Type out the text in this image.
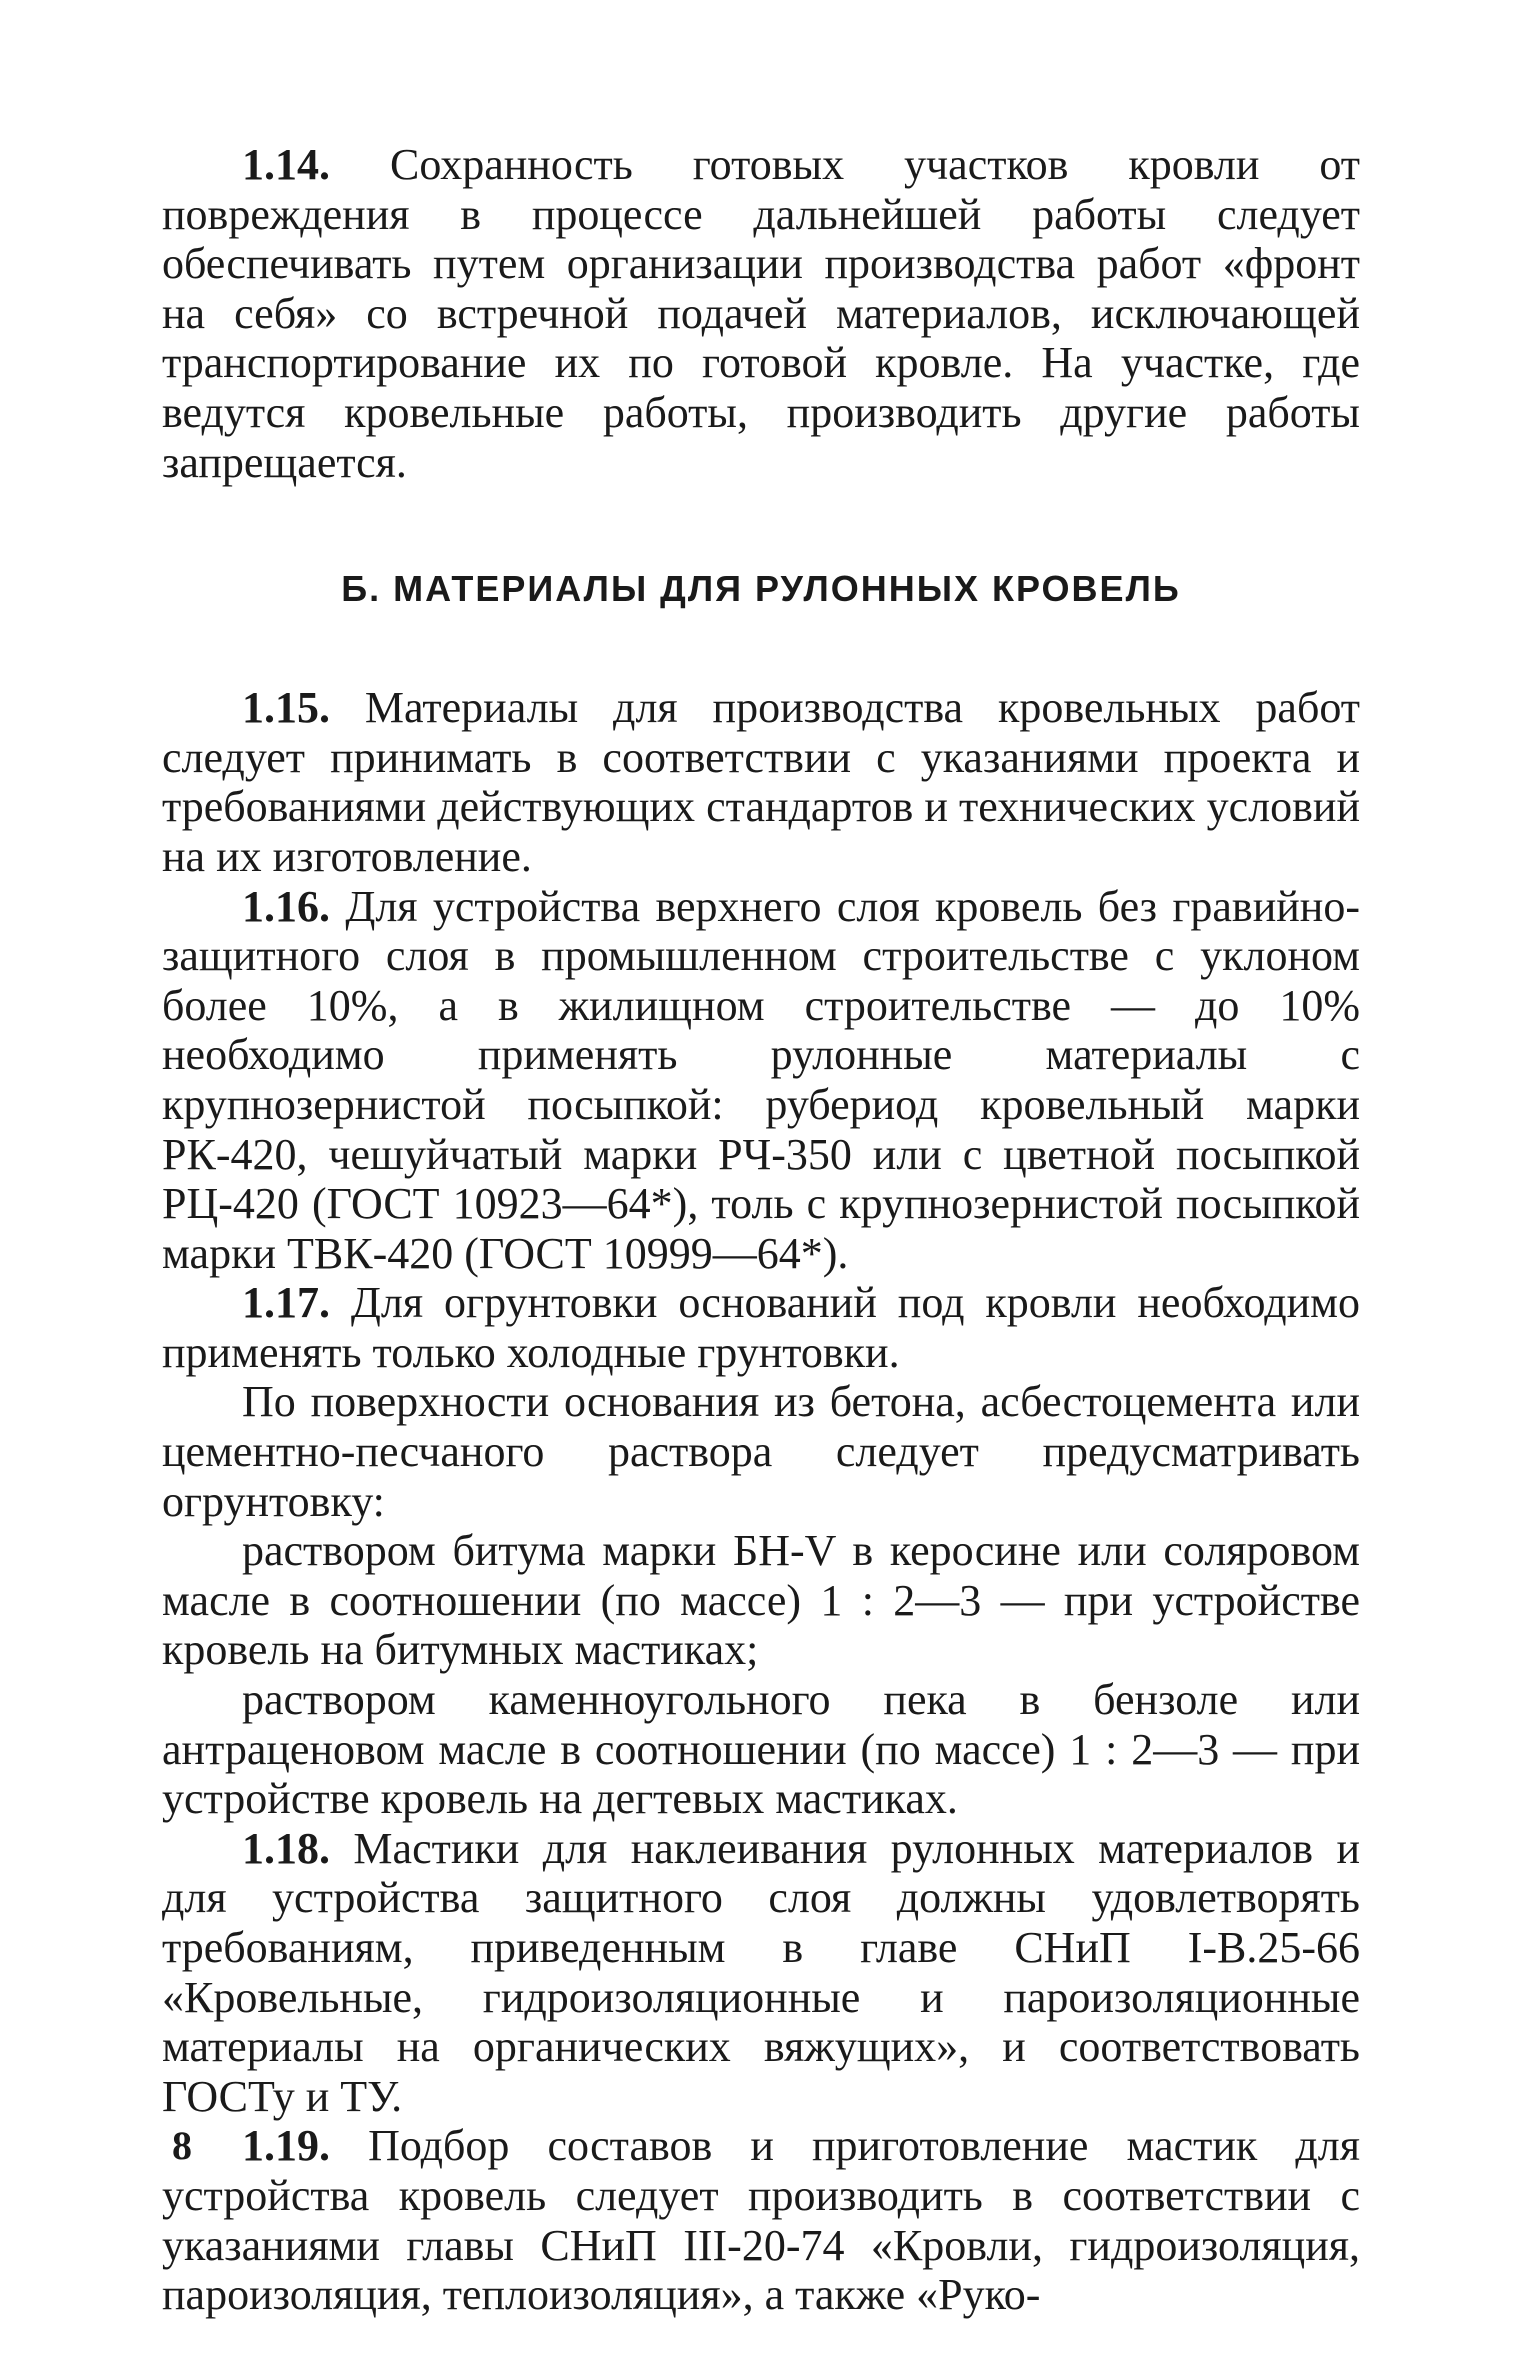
1.14. Сохранность готовых участков кровли от повреждения в процессе дальнейшей работы следует обеспечивать путем организации производства работ «фронт на себя» со встречной подачей материалов, исключающей транспортирование их по готовой кровле. На участке, где ведутся кровельные работы, производить другие работы запрещается.

Б. МАТЕРИАЛЫ ДЛЯ РУЛОННЫХ КРОВЕЛЬ

1.15. Материалы для производства кровельных работ следует принимать в соответствии с указаниями проекта и требованиями действующих стандартов и технических условий на их изготовление.

1.16. Для устройства верхнего слоя кровель без гравийно-защитного слоя в промышленном строительстве с уклоном более 10%, а в жилищном строительстве — до 10% необходимо применять рулонные материалы с крупнозернистой посыпкой: рубериод кровельный марки РК-420, чешуйчатый марки РЧ-350 или с цветной посыпкой РЦ-420 (ГОСТ 10923—64*), толь с крупнозернистой посыпкой марки ТВК-420 (ГОСТ 10999—64*).

1.17. Для огрунтовки оснований под кровли необходимо применять только холодные грунтовки.

По поверхности основания из бетона, асбестоцемента или цементно-песчаного раствора следует предусматривать огрунтовку:

раствором битума марки БН-V в керосине или соляровом масле в соотношении (по массе) 1 : 2—3 — при устройстве кровель на битумных мастиках;

раствором каменноугольного пека в бензоле или антраценовом масле в соотношении (по массе) 1 : 2—3 — при устройстве кровель на дегтевых мастиках.

1.18. Мастики для наклеивания рулонных материалов и для устройства защитного слоя должны удовлетворять требованиям, приведенным в главе СНиП I-В.25-66 «Кровельные, гидроизоляционные и пароизоляционные материалы на органических вяжущих», и соответствовать ГОСТу и ТУ.

1.19. Подбор составов и приготовление мастик для устройства кровель следует производить в соответствии с указаниями главы СНиП III-20-74 «Кровли, гидроизоляция, пароизоляция, теплоизоляция», а также «Руко-

8
